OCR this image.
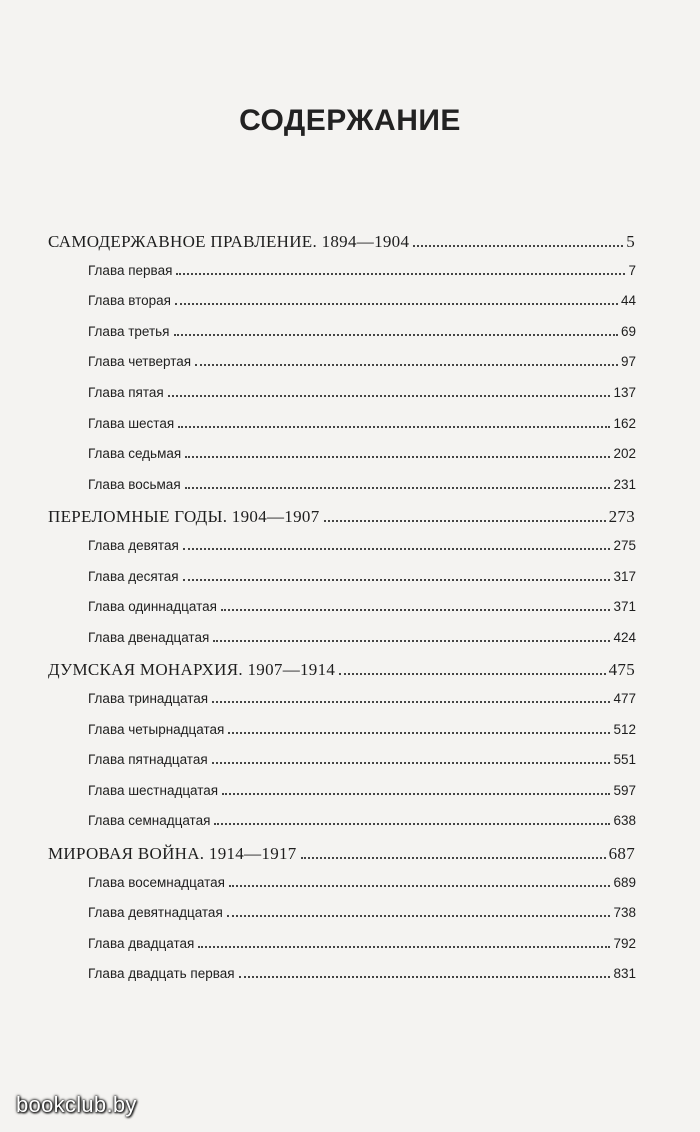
СОДЕРЖАНИЕ
САМОДЕРЖАВНОЕ ПРАВЛЕНИЕ. 1894—1904	5
Глава первая	7
Глава вторая	44
Глава третья	69
Глава четвертая	97
Глава пятая	137
Глава шестая	162
Глава седьмая	202
Глава восьмая	231
ПЕРЕЛОМНЫЕ ГОДЫ. 1904—1907	273
Глава девятая	275
Глава десятая	317
Глава одиннадцатая	371
Глава двенадцатая	424
ДУМСКАЯ МОНАРХИЯ. 1907—1914	475
Глава тринадцатая	477
Глава четырнадцатая	512
Глава пятнадцатая	551
Глава шестнадцатая	597
Глава семнадцатая	638
МИРОВАЯ ВОЙНА. 1914—1917	687
Глава восемнадцатая	689
Глава девятнадцатая	738
Глава двадцатая	792
Глава двадцать первая	831
bookclub.by
